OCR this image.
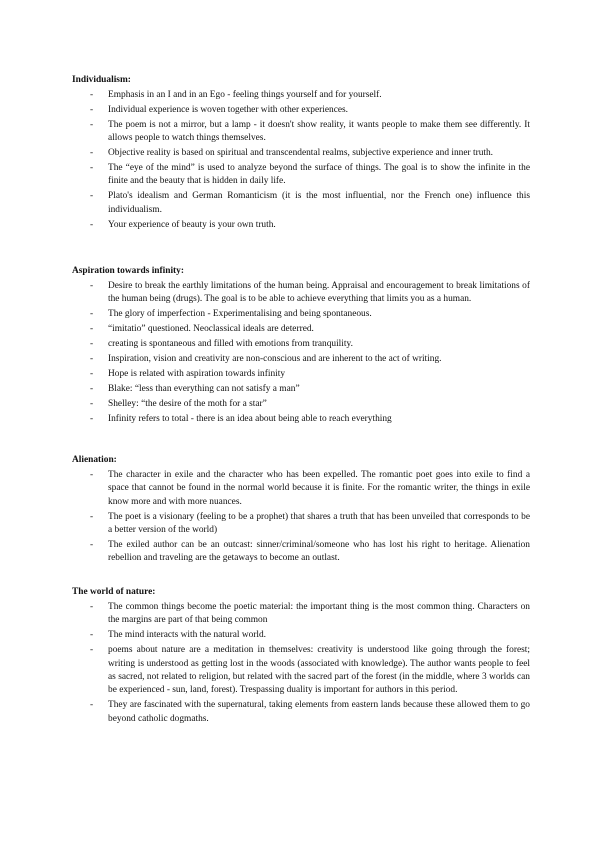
Individualism:
- Emphasis in an I and in an Ego - feeling things yourself and for yourself.
- Individual experience is woven together with other experiences.
- The poem is not a mirror, but a lamp - it doesn't show reality, it wants people to make them see differently. It allows people to watch things themselves.
- Objective reality is based on spiritual and transcendental realms, subjective experience and inner truth.
- The “eye of the mind” is used to analyze beyond the surface of things. The goal is to show the infinite in the finite and the beauty that is hidden in daily life.
- Plato's idealism and German Romanticism (it is the most influential, nor the French one) influence this individualism.
- Your experience of beauty is your own truth.
Aspiration towards infinity:
- Desire to break the earthly limitations of the human being. Appraisal and encouragement to break limitations of the human being (drugs). The goal is to be able to achieve everything that limits you as a human.
- The glory of imperfection - Experimentalising and being spontaneous.
- “imitatio” questioned. Neoclassical ideals are deterred.
- creating is spontaneous and filled with emotions from tranquility.
- Inspiration, vision and creativity are non-conscious and are inherent to the act of writing.
- Hope is related with aspiration towards infinity
- Blake: “less than everything can not satisfy a man”
- Shelley: “the desire of the moth for a star”
- Infinity refers to total - there is an idea about being able to reach everything
Alienation:
- The character in exile and the character who has been expelled. The romantic poet goes into exile to find a space that cannot be found in the normal world because it is finite. For the romantic writer, the things in exile know more and with more nuances.
- The poet is a visionary (feeling to be a prophet) that shares a truth that has been unveiled that corresponds to be a better version of the world)
- The exiled author can be an outcast: sinner/criminal/someone who has lost his right to heritage. Alienation rebellion and traveling are the getaways to become an outlast.
The world of nature:
- The common things become the poetic material: the important thing is the most common thing. Characters on the margins are part of that being common
- The mind interacts with the natural world.
- poems about nature are a meditation in themselves: creativity is understood like going through the forest; writing is understood as getting lost in the woods (associated with knowledge). The author wants people to feel as sacred, not related to religion, but related with the sacred part of the forest (in the middle, where 3 worlds can be experienced - sun, land, forest). Trespassing duality is important for authors in this period.
- They are fascinated with the supernatural, taking elements from eastern lands because these allowed them to go beyond catholic dogmaths.
